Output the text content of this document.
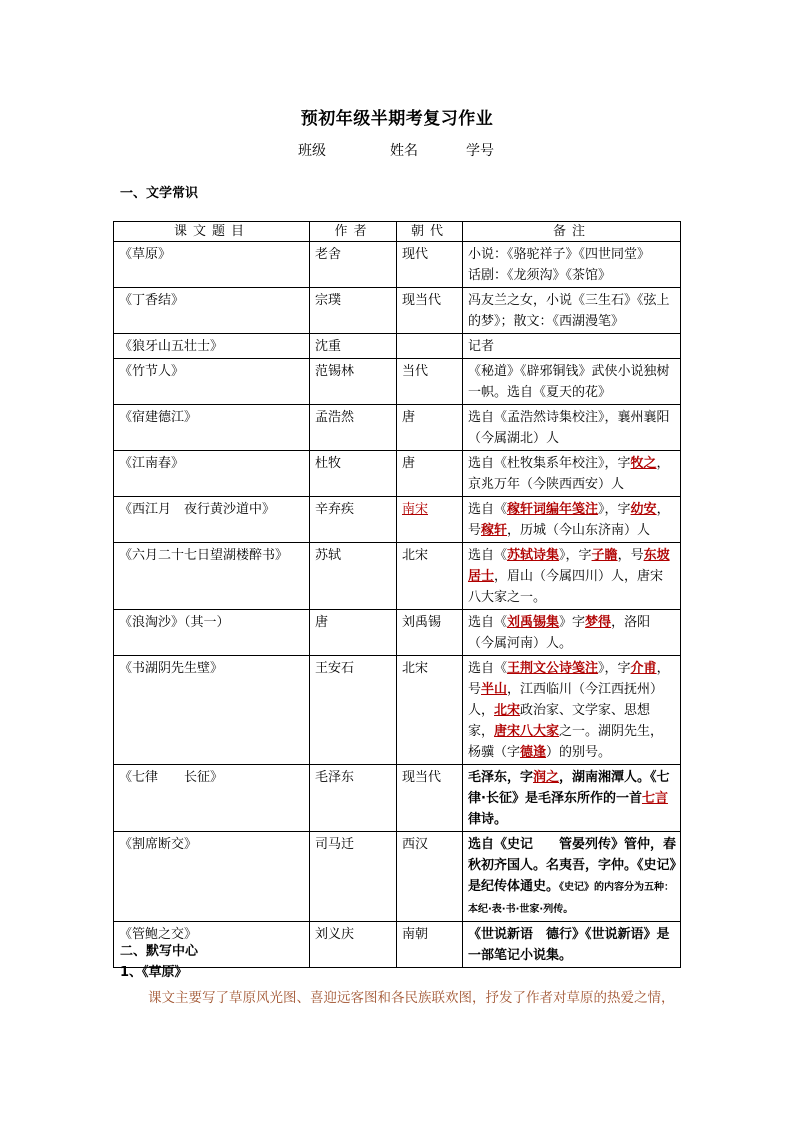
预初年级半期考复习作业
班级	姓名	学号
一、文学常识
课文题目	作者	朝代	备注
《草原》	老舍	现代	小说：《骆驼祥子》《四世同堂》
话剧：《龙须沟》《茶馆》
《丁香结》	宗璞	现当代	冯友兰之女，小说《三生石》《弦上的梦》；散文：《西湖漫笔》
《狼牙山五壮士》	沈重		记者
《竹节人》	范锡林	当代	《秘道》《辟邪铜钱》武侠小说独树一帜。选自《夏天的花》
《宿建德江》	孟浩然	唐	选自《孟浩然诗集校注》，襄州襄阳（今属湖北）人
《江南春》	杜牧	唐	选自《杜牧集系年校注》，字牧之，京兆万年（今陕西西安）人
《西江月　夜行黄沙道中》	辛弃疾	南宋	选自《稼轩词编年笺注》，字幼安，号稼轩，历城（今山东济南）人
《六月二十七日望湖楼醉书》	苏轼	北宋	选自《苏轼诗集》，字子瞻，号东坡居士，眉山（今属四川）人，唐宋八大家之一。
《浪淘沙》（其一）	唐	刘禹锡	选自《刘禹锡集》字梦得，洛阳（今属河南）人。
《书湖阴先生壁》	王安石	北宋	选自《王荆文公诗笺注》，字介甫，号半山，江西临川（今江西抚州）人，北宋政治家、文学家、思想家，唐宋八大家之一。湖阴先生，杨骥（字德逢）的别号。
《七律　　长征》	毛泽东	现当代	毛泽东，字润之，湖南湘潭人。《七律·长征》是毛泽东所作的一首七言律诗。
《割席断交》	司马迁	西汉	选自《史记　　管晏列传》管仲，春秋初齐国人。名夷吾，字仲。《史记》是纪传体通史。《史记》的内容分为五种：本纪·表·书·世家·列传。
《管鲍之交》	刘义庆	南朝	《世说新语　德行》《世说新语》是一部笔记小说集。
二、默写中心
1、《草原》
课文主要写了草原风光图、喜迎远客图和各民族联欢图，抒发了作者对草原的热爱之情，
